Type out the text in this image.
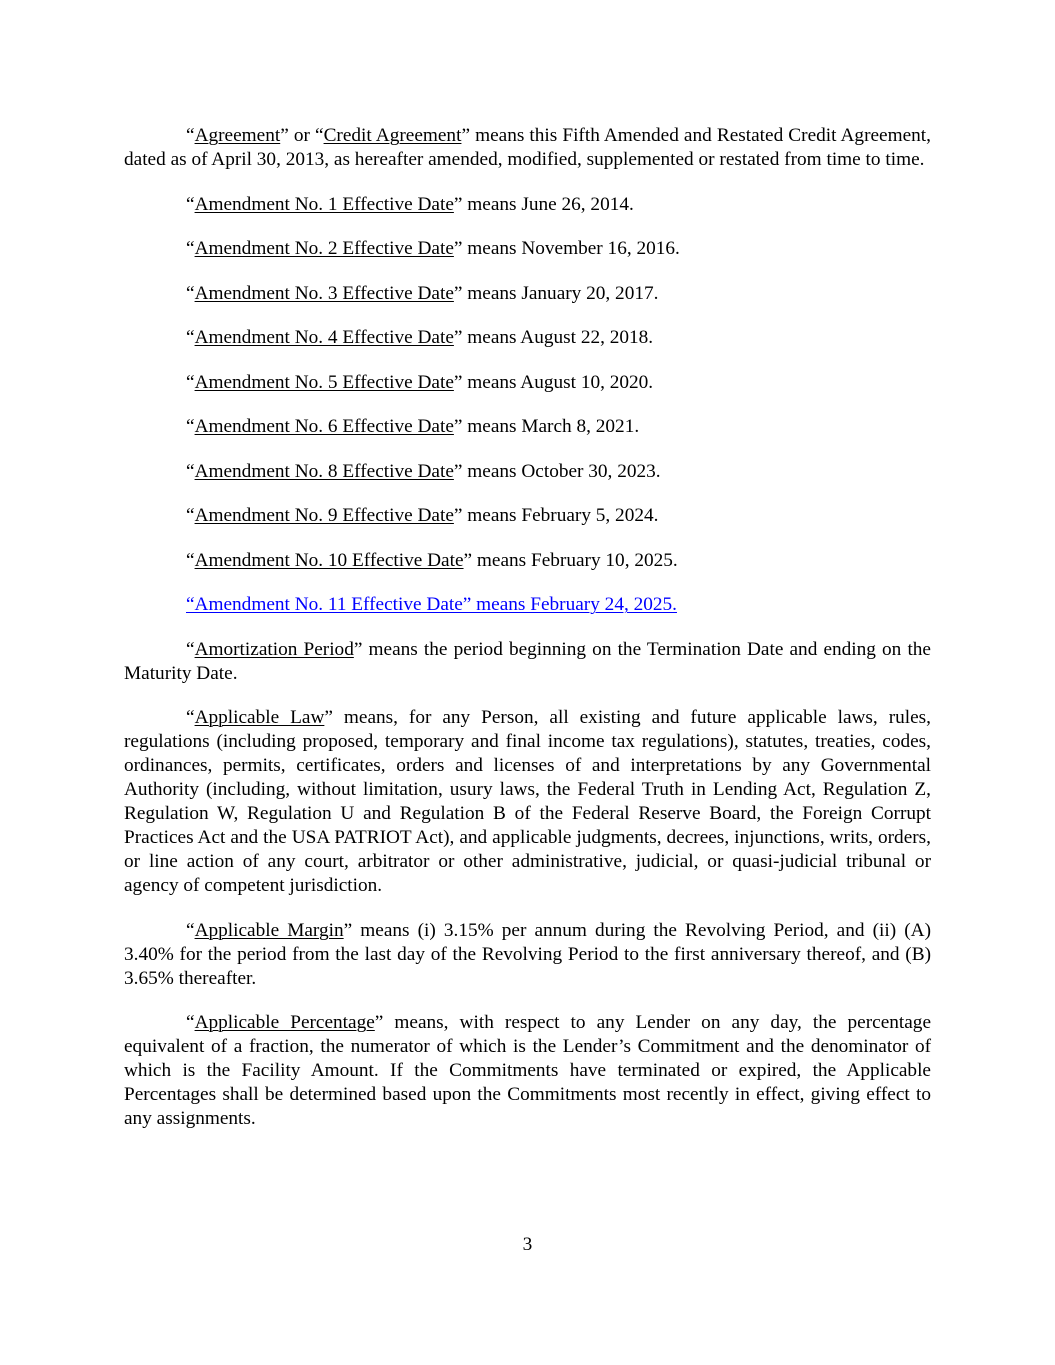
“Agreement” or “Credit Agreement” means this Fifth Amended and Restated Credit Agreement, dated as of April 30, 2013, as hereafter amended, modified, supplemented or restated from time to time.

“Amendment No. 1 Effective Date” means June 26, 2014.

“Amendment No. 2 Effective Date” means November 16, 2016.

“Amendment No. 3 Effective Date” means January 20, 2017.

“Amendment No. 4 Effective Date” means August 22, 2018.

“Amendment No. 5 Effective Date” means August 10, 2020.

“Amendment No. 6 Effective Date” means March 8, 2021.

“Amendment No. 8 Effective Date” means October 30, 2023.

“Amendment No. 9 Effective Date” means February 5, 2024.

“Amendment No. 10 Effective Date” means February 10, 2025.

“Amendment No. 11 Effective Date” means February 24, 2025.

“Amortization Period” means the period beginning on the Termination Date and ending on the Maturity Date.

“Applicable Law” means, for any Person, all existing and future applicable laws, rules, regulations (including proposed, temporary and final income tax regulations), statutes, treaties, codes, ordinances, permits, certificates, orders and licenses of and interpretations by any Governmental Authority (including, without limitation, usury laws, the Federal Truth in Lending Act, Regulation Z, Regulation W, Regulation U and Regulation B of the Federal Reserve Board, the Foreign Corrupt Practices Act and the USA PATRIOT Act), and applicable judgments, decrees, injunctions, writs, orders, or line action of any court, arbitrator or other administrative, judicial, or quasi-judicial tribunal or agency of competent jurisdiction.

“Applicable Margin” means (i) 3.15% per annum during the Revolving Period, and (ii) (A) 3.40% for the period from the last day of the Revolving Period to the first anniversary thereof, and (B) 3.65% thereafter.

“Applicable Percentage” means, with respect to any Lender on any day, the percentage equivalent of a fraction, the numerator of which is the Lender’s Commitment and the denominator of which is the Facility Amount. If the Commitments have terminated or expired, the Applicable Percentages shall be determined based upon the Commitments most recently in effect, giving effect to any assignments.

3
